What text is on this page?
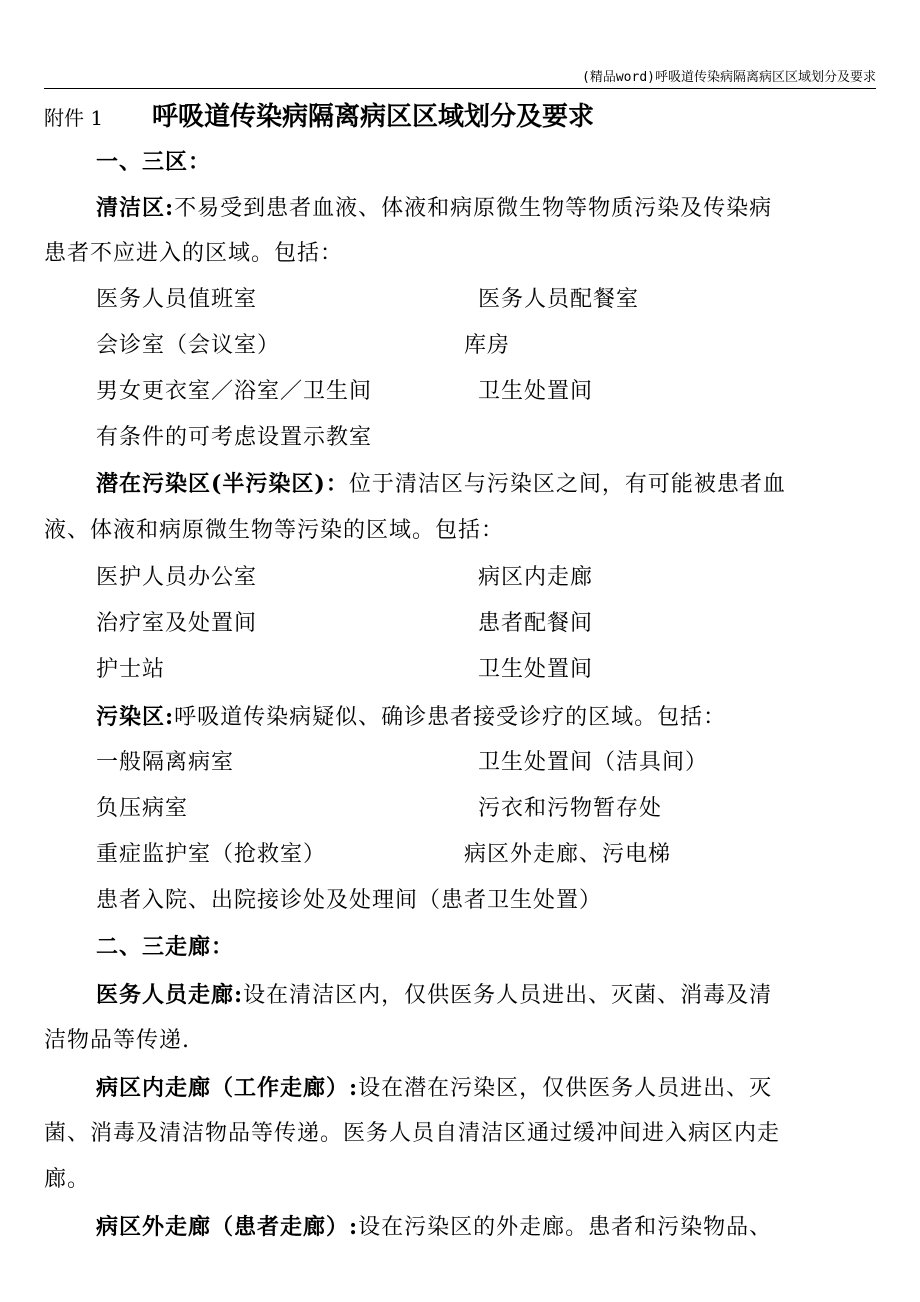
(精品word)呼吸道传染病隔离病区区域划分及要求
附件 1 呼吸道传染病隔离病区区域划分及要求
一、三区：
清洁区:不易受到患者血液、体液和病原微生物等物质污染及传染病
患者不应进入的区域。包括：
医务人员值班室	医务人员配餐室
会诊室（会议室）	库房
男女更衣室／浴室／卫生间	卫生处置间
有条件的可考虑设置示教室
潜在污染区(半污染区)：位于清洁区与污染区之间，有可能被患者血
液、体液和病原微生物等污染的区域。包括：
医护人员办公室	病区内走廊
治疗室及处置间	患者配餐间
护士站	卫生处置间
污染区:呼吸道传染病疑似、确诊患者接受诊疗的区域。包括：
一般隔离病室	卫生处置间（洁具间）
负压病室	污衣和污物暂存处
重症监护室（抢救室）	病区外走廊、污电梯
患者入院、出院接诊处及处理间（患者卫生处置）
二、三走廊：
医务人员走廊:设在清洁区内，仅供医务人员进出、灭菌、消毒及清
洁物品等传递.
病区内走廊（工作走廊）:设在潜在污染区，仅供医务人员进出、灭
菌、消毒及清洁物品等传递。医务人员自清洁区通过缓冲间进入病区内走
廊。
病区外走廊（患者走廊）:设在污染区的外走廊。患者和污染物品、
